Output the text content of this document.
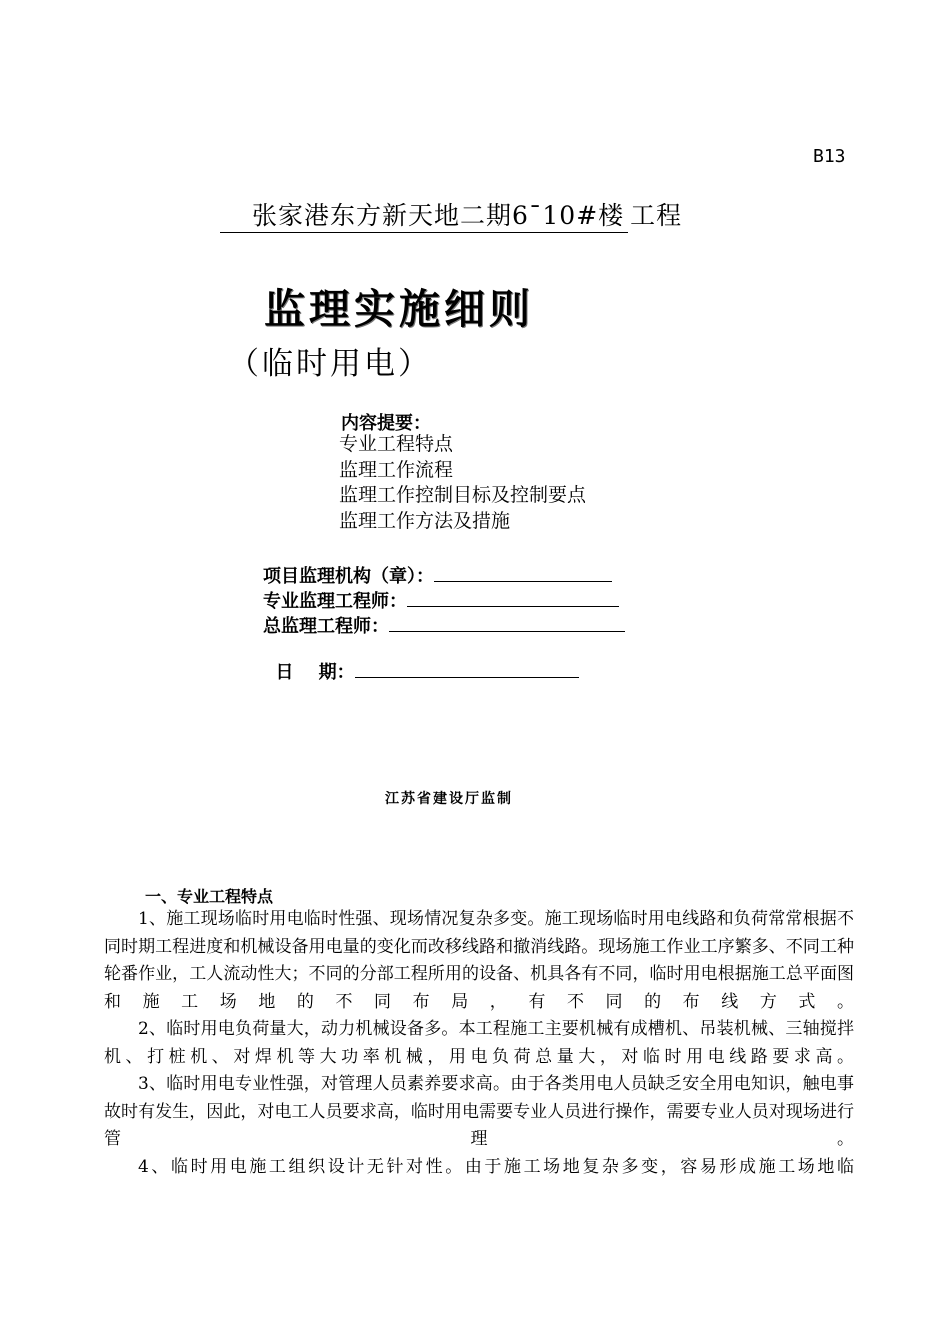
B13
张家港东方新天地二期6¯10#楼 工程
监理实施细则
（临时用电）
内容提要：
专业工程特点
监理工作流程
监理工作控制目标及控制要点
监理工作方法及措施
项目监理机构（章）：
专业监理工程师：
总监理工程师：

日    期：

江苏省建设厅监制
一、专业工程特点

1、施工现场临时用电临时性强、现场情况复杂多变。施工现场临时用电线路和负荷常常根据不同时期工程进度和机械设备用电量的变化而改移线路和撤消线路。现场施工作业工序繁多、不同工种轮番作业，工人流动性大；不同的分部工程所用的设备、机具各有不同，临时用电根据施工总平面图和施工场地的不同布局，有不同的布线方式。

2、临时用电负荷量大，动力机械设备多。本工程施工主要机械有成槽机、吊装机械、三轴搅拌机、打桩机、对焊机等大功率机械，用电负荷总量大，对临时用电线路要求高。

3、临时用电专业性强，对管理人员素养要求高。由于各类用电人员缺乏安全用电知识，触电事故时有发生，因此，对电工人员要求高，临时用电需要专业人员进行操作，需要专业人员对现场进行管理。

4、临时用电施工组织设计无针对性。由于施工场地复杂多变，容易形成施工场地临
